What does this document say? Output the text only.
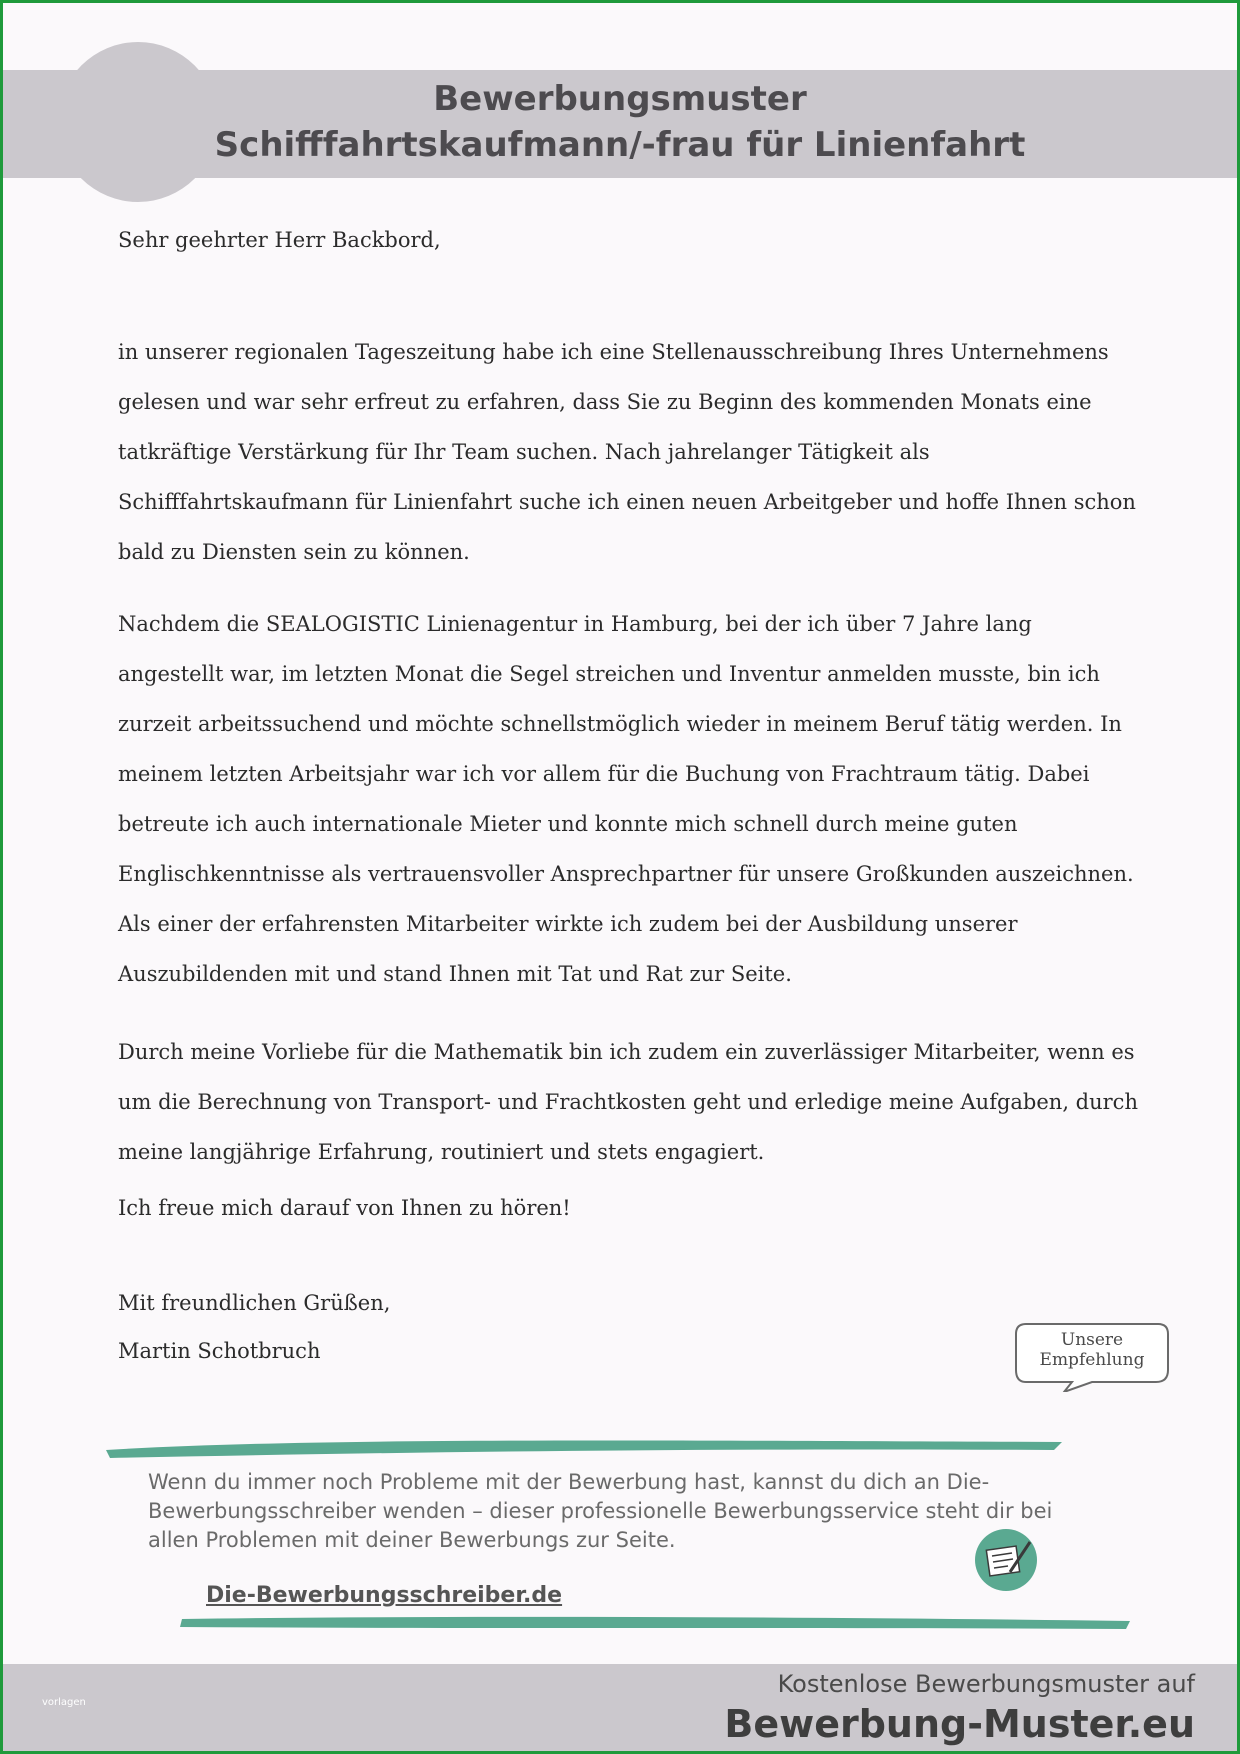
Bewerbungsmuster
Schifffahrtskaufmann/-frau für Linienfahrt
Sehr geehrter Herr Backbord,

in unserer regionalen Tageszeitung habe ich eine Stellenausschreibung Ihres Unternehmens gelesen und war sehr erfreut zu erfahren, dass Sie zu Beginn des kommenden Monats eine tatkräftige Verstärkung für Ihr Team suchen. Nach jahrelanger Tätigkeit als Schifffahrtskaufmann für Linienfahrt suche ich einen neuen Arbeitgeber und hoffe Ihnen schon bald zu Diensten sein zu können.

Nachdem die SEALOGISTIC Linienagentur in Hamburg, bei der ich über 7 Jahre lang angestellt war, im letzten Monat die Segel streichen und Inventur anmelden musste, bin ich zurzeit arbeitssuchend und möchte schnellstmöglich wieder in meinem Beruf tätig werden. In meinem letzten Arbeitsjahr war ich vor allem für die Buchung von Frachtraum tätig. Dabei betreute ich auch internationale Mieter und konnte mich schnell durch meine guten Englischkenntnisse als vertrauensvoller Ansprechpartner für unsere Großkunden auszeichnen. Als einer der erfahrensten Mitarbeiter wirkte ich zudem bei der Ausbildung unserer Auszubildenden mit und stand Ihnen mit Tat und Rat zur Seite.

Durch meine Vorliebe für die Mathematik bin ich zudem ein zuverlässiger Mitarbeiter, wenn es um die Berechnung von Transport- und Frachtkosten geht und erledige meine Aufgaben, durch meine langjährige Erfahrung, routiniert und stets engagiert.

Ich freue mich darauf von Ihnen zu hören!
Mit freundlichen Grüßen,
Martin Schotbruch	Unsere
Empfehlung
Wenn du immer noch Probleme mit der Bewerbung hast, kannst du dich an Die-Bewerbungsschreiber wenden – dieser professionelle Bewerbungsservice steht dir bei allen Problemen mit deiner Bewerbungs zur Seite.
Die-Bewerbungsschreiber.de
vorlagen
Kostenlose Bewerbungsmuster auf
Bewerbung-Muster.eu
